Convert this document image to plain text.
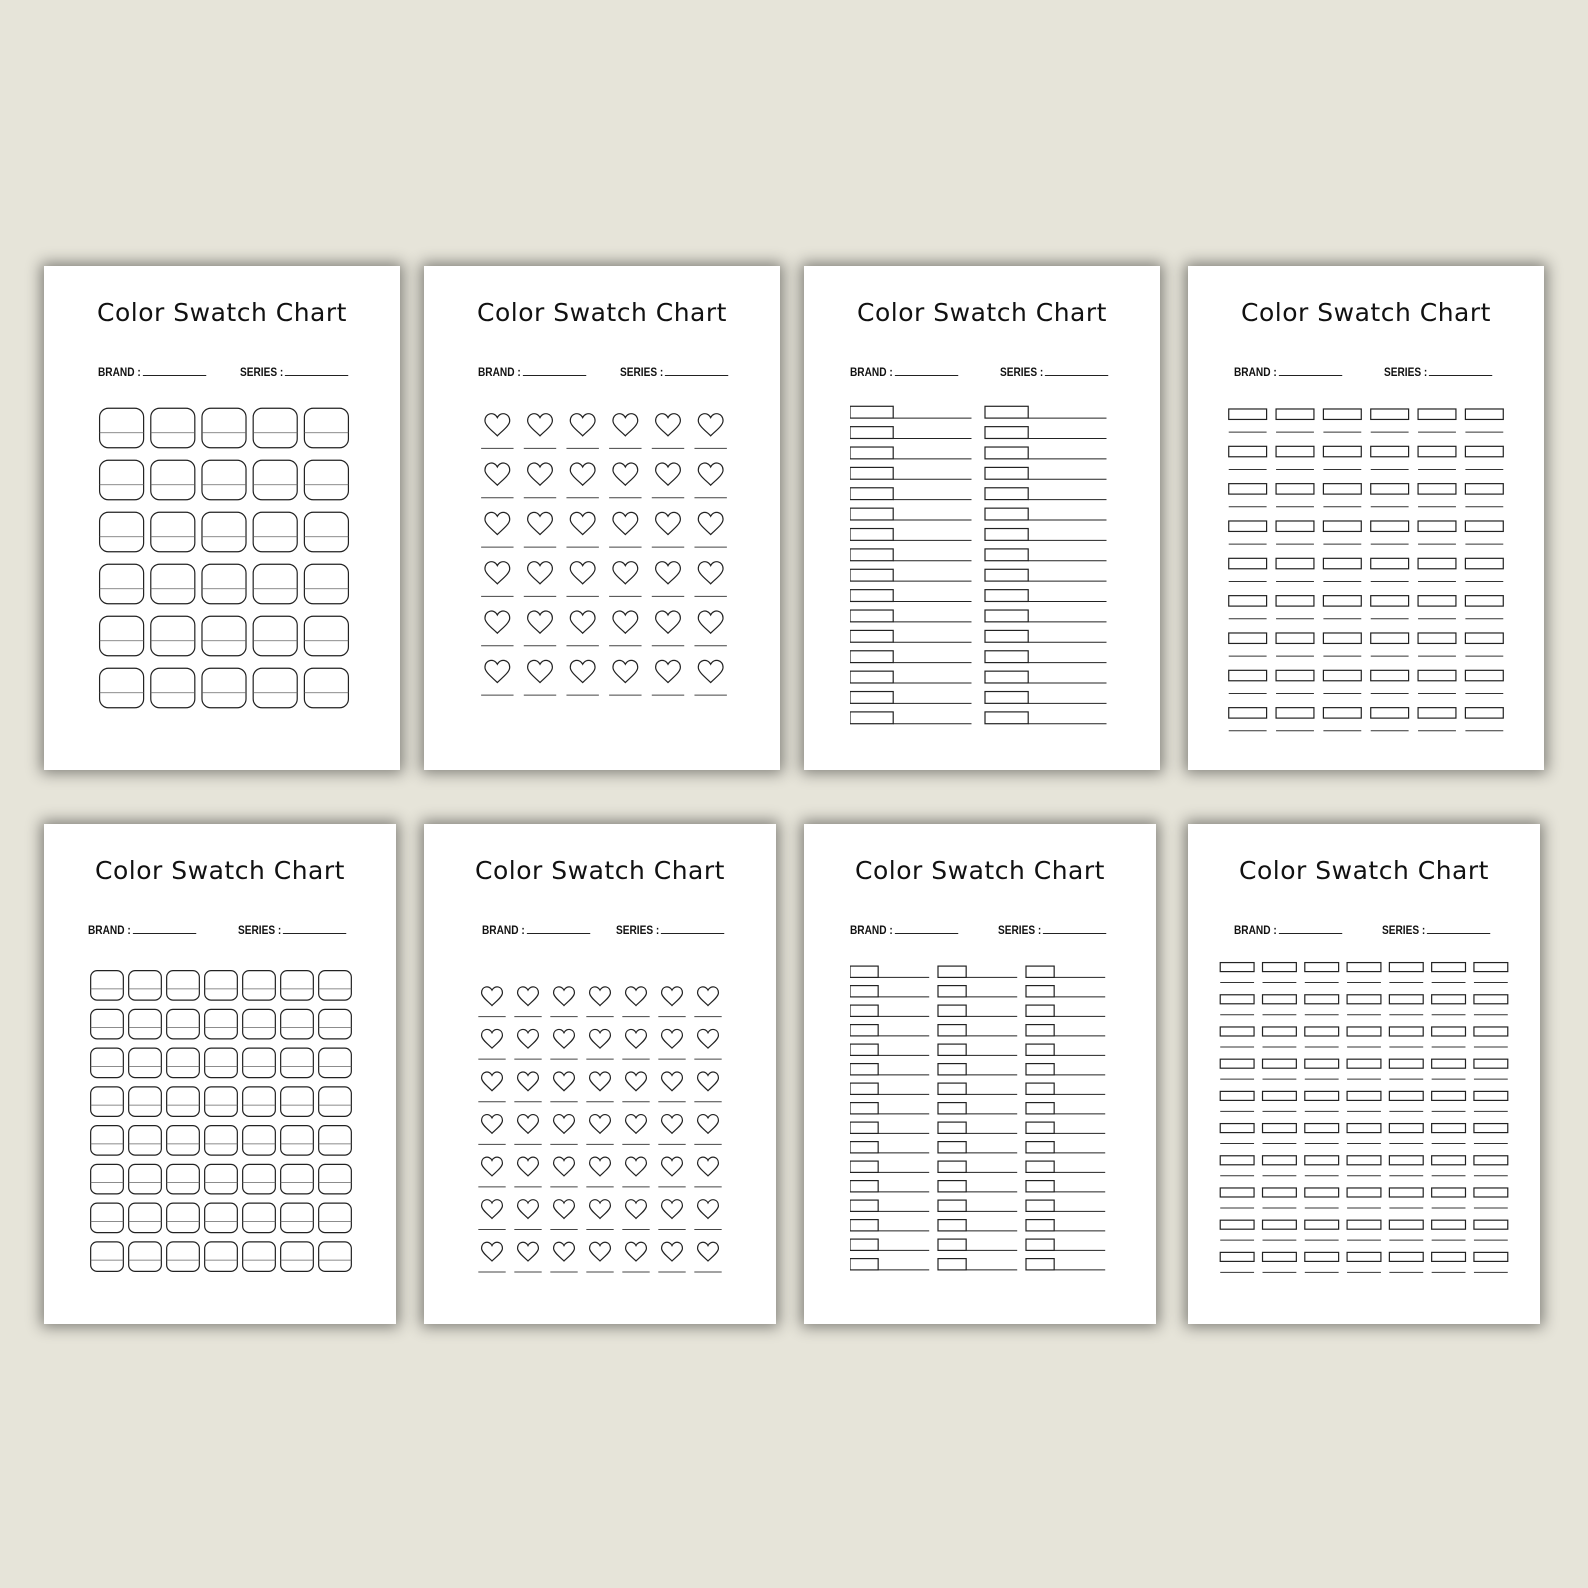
Color Swatch Chart
BRAND :	SERIES :
Color Swatch Chart
BRAND :	SERIES :
Color Swatch Chart
BRAND :	SERIES :
Color Swatch Chart
BRAND :	SERIES :
Color Swatch Chart
BRAND :	SERIES :
Color Swatch Chart
BRAND :	SERIES :
Color Swatch Chart
BRAND :	SERIES :
Color Swatch Chart
BRAND :	SERIES :
